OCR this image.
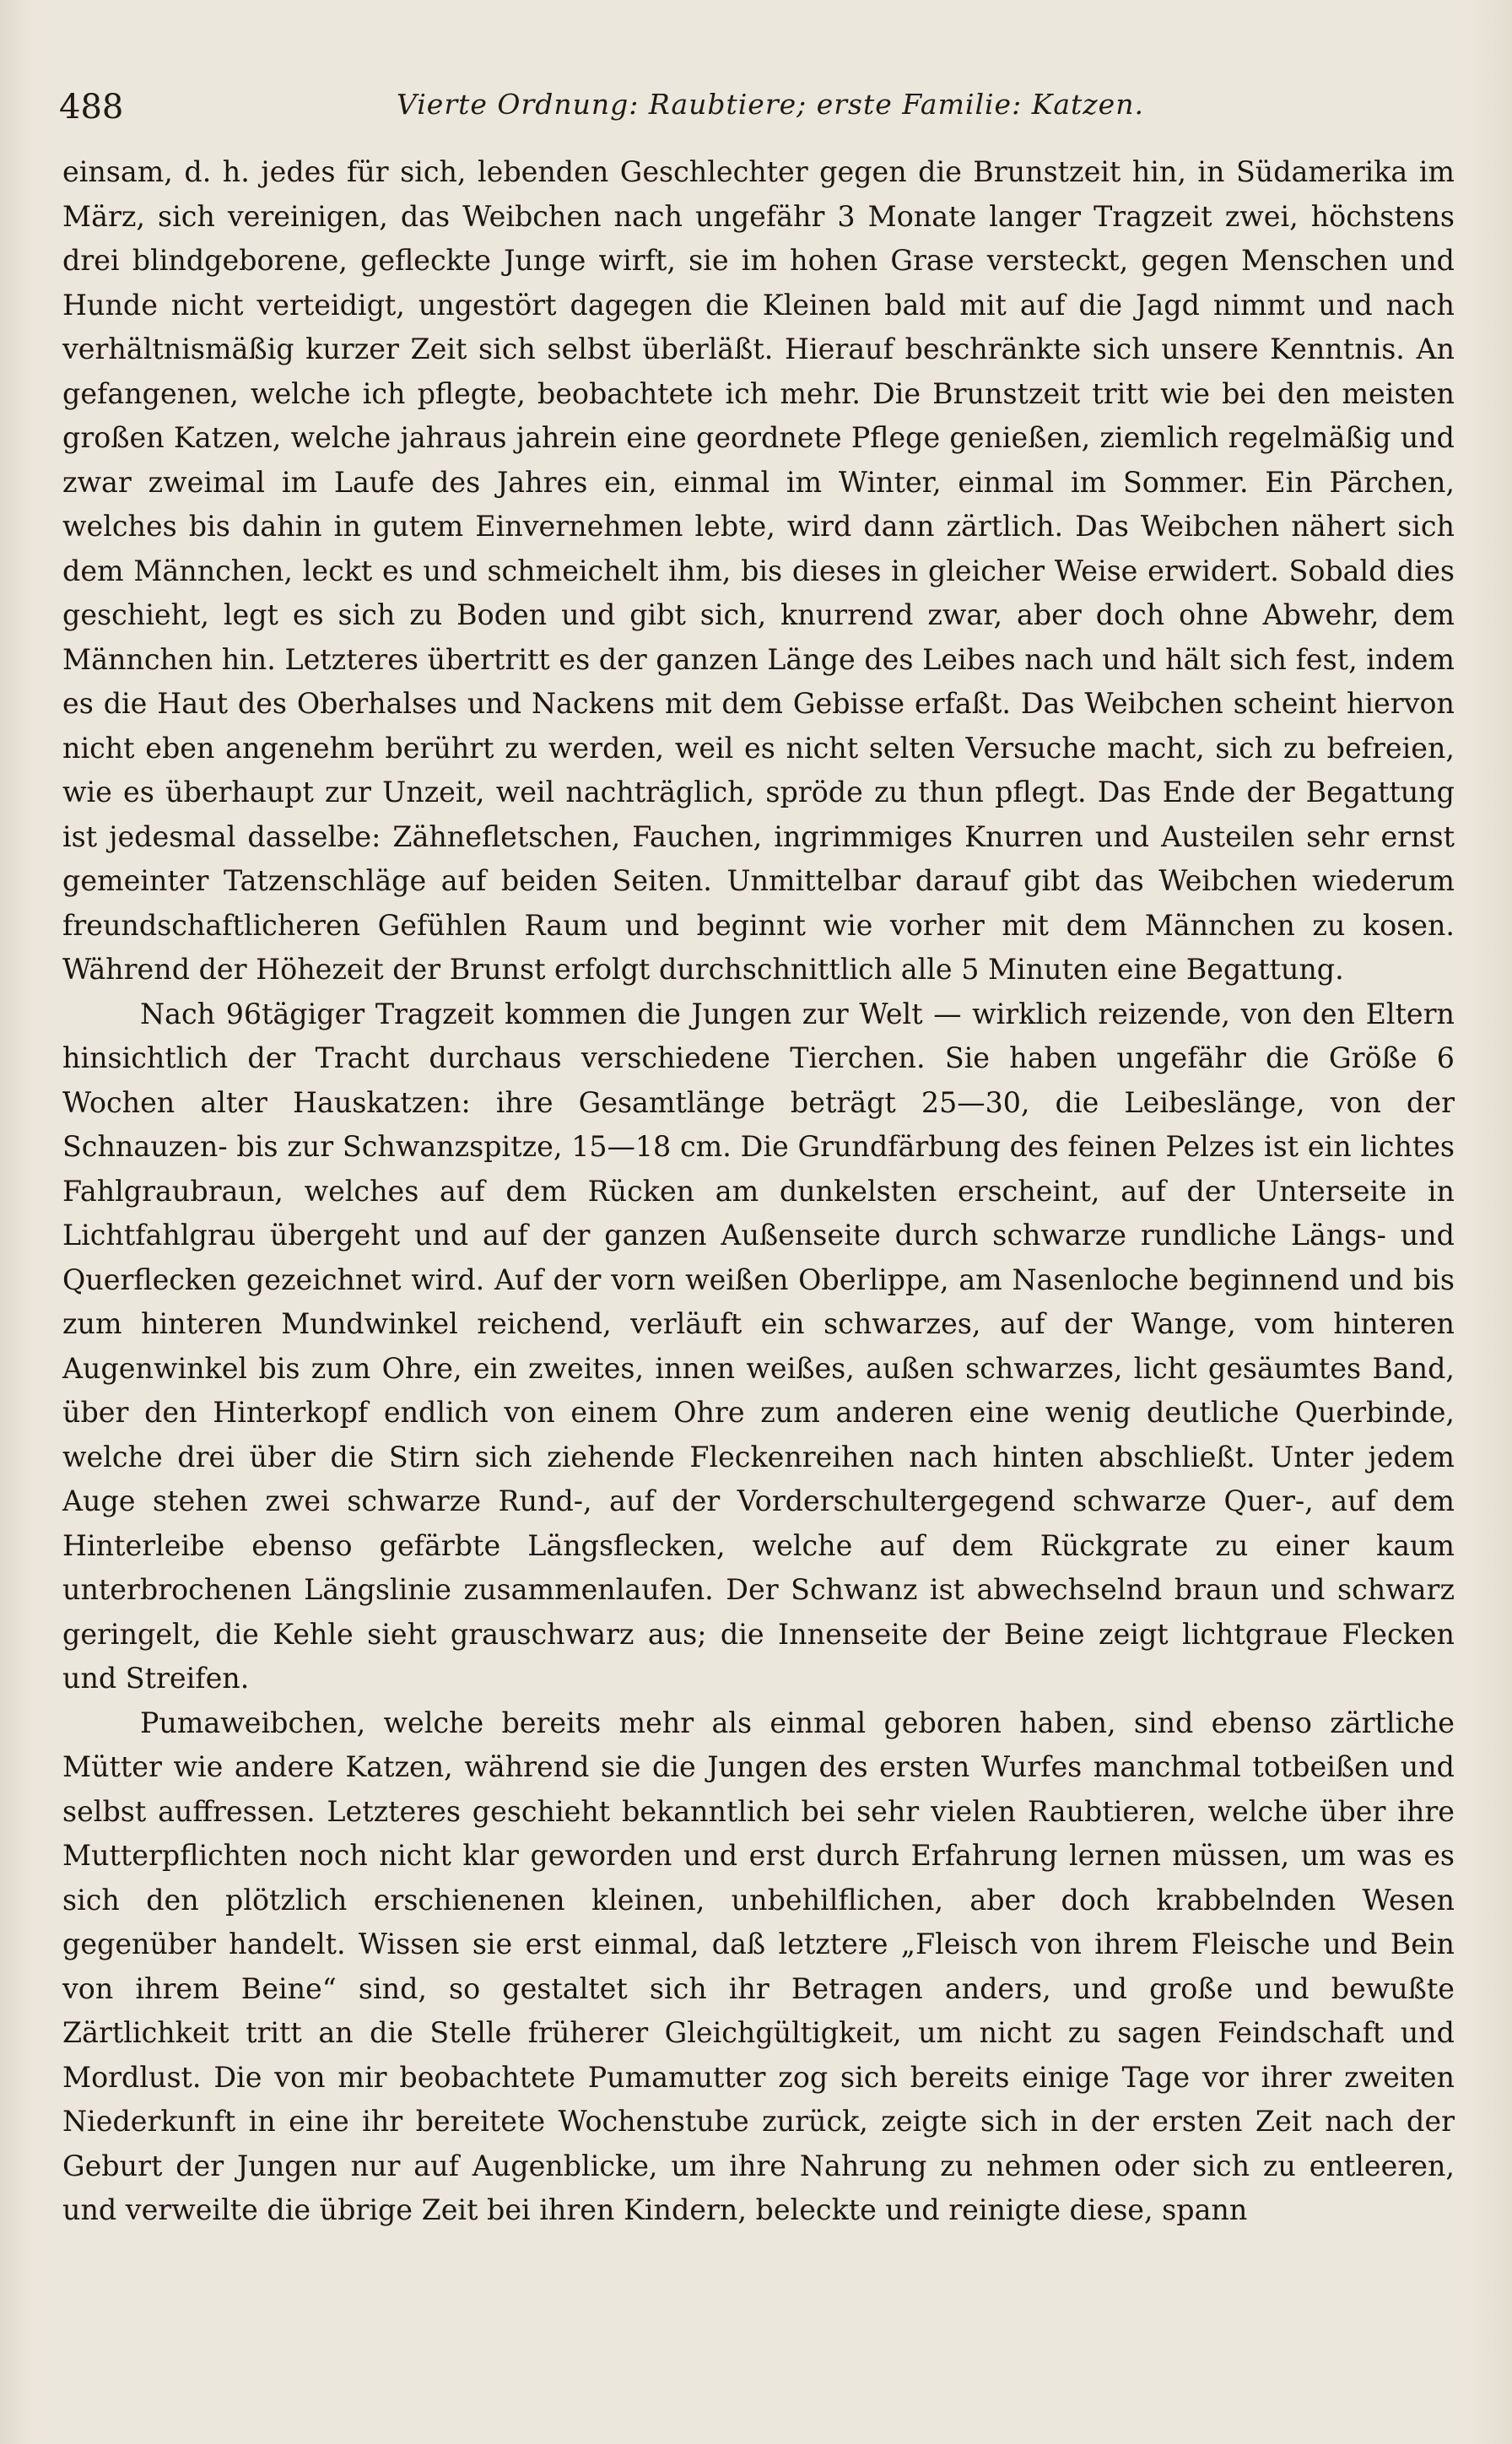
488	Vierte Ordnung: Raubtiere; erste Familie: Katzen.

einsam, d. h. jedes für sich, lebenden Geschlechter gegen die Brunstzeit hin, in Südamerika im März, sich vereinigen, das Weibchen nach ungefähr 3 Monate langer Tragzeit zwei, höchstens drei blindgeborene, gefleckte Junge wirft, sie im hohen Grase versteckt, gegen Menschen und Hunde nicht verteidigt, ungestört dagegen die Kleinen bald mit auf die Jagd nimmt und nach verhältnismäßig kurzer Zeit sich selbst überläßt. Hierauf beschränkte sich unsere Kenntnis. An gefangenen, welche ich pflegte, beobachtete ich mehr. Die Brunstzeit tritt wie bei den meisten großen Katzen, welche jahraus jahrein eine geordnete Pflege genießen, ziemlich regelmäßig und zwar zweimal im Laufe des Jahres ein, einmal im Winter, einmal im Sommer. Ein Pärchen, welches bis dahin in gutem Einvernehmen lebte, wird dann zärtlich. Das Weibchen nähert sich dem Männchen, leckt es und schmeichelt ihm, bis dieses in gleicher Weise erwidert. Sobald dies geschieht, legt es sich zu Boden und gibt sich, knurrend zwar, aber doch ohne Abwehr, dem Männchen hin. Letzteres übertritt es der ganzen Länge des Leibes nach und hält sich fest, indem es die Haut des Oberhalses und Nackens mit dem Gebisse erfaßt. Das Weibchen scheint hiervon nicht eben angenehm berührt zu werden, weil es nicht selten Versuche macht, sich zu befreien, wie es überhaupt zur Unzeit, weil nachträglich, spröde zu thun pflegt. Das Ende der Begattung ist jedesmal dasselbe: Zähnefletschen, Fauchen, ingrimmiges Knurren und Austeilen sehr ernst gemeinter Tatzenschläge auf beiden Seiten. Unmittelbar darauf gibt das Weibchen wiederum freundschaftlicheren Gefühlen Raum und beginnt wie vorher mit dem Männchen zu kosen. Während der Höhezeit der Brunst erfolgt durchschnittlich alle 5 Minuten eine Begattung.

Nach 96tägiger Tragzeit kommen die Jungen zur Welt — wirklich reizende, von den Eltern hinsichtlich der Tracht durchaus verschiedene Tierchen. Sie haben ungefähr die Größe 6 Wochen alter Hauskatzen: ihre Gesamtlänge beträgt 25—30, die Leibeslänge, von der Schnauzen- bis zur Schwanzspitze, 15—18 cm. Die Grundfärbung des feinen Pelzes ist ein lichtes Fahlgraubraun, welches auf dem Rücken am dunkelsten erscheint, auf der Unterseite in Lichtfahlgrau übergeht und auf der ganzen Außenseite durch schwarze rundliche Längs- und Querflecken gezeichnet wird. Auf der vorn weißen Oberlippe, am Nasenloche beginnend und bis zum hinteren Mundwinkel reichend, verläuft ein schwarzes, auf der Wange, vom hinteren Augenwinkel bis zum Ohre, ein zweites, innen weißes, außen schwarzes, licht gesäumtes Band, über den Hinterkopf endlich von einem Ohre zum anderen eine wenig deutliche Querbinde, welche drei über die Stirn sich ziehende Fleckenreihen nach hinten abschließt. Unter jedem Auge stehen zwei schwarze Rund-, auf der Vorderschultergegend schwarze Quer-, auf dem Hinterleibe ebenso gefärbte Längsflecken, welche auf dem Rückgrate zu einer kaum unterbrochenen Längslinie zusammenlaufen. Der Schwanz ist abwechselnd braun und schwarz geringelt, die Kehle sieht grauschwarz aus; die Innenseite der Beine zeigt lichtgraue Flecken und Streifen.

Pumaweibchen, welche bereits mehr als einmal geboren haben, sind ebenso zärtliche Mütter wie andere Katzen, während sie die Jungen des ersten Wurfes manchmal totbeißen und selbst auffressen. Letzteres geschieht bekanntlich bei sehr vielen Raubtieren, welche über ihre Mutterpflichten noch nicht klar geworden und erst durch Erfahrung lernen müssen, um was es sich den plötzlich erschienenen kleinen, unbehilflichen, aber doch krabbelnden Wesen gegenüber handelt. Wissen sie erst einmal, daß letztere „Fleisch von ihrem Fleische und Bein von ihrem Beine“ sind, so gestaltet sich ihr Betragen anders, und große und bewußte Zärtlichkeit tritt an die Stelle früherer Gleichgültigkeit, um nicht zu sagen Feindschaft und Mordlust. Die von mir beobachtete Pumamutter zog sich bereits einige Tage vor ihrer zweiten Niederkunft in eine ihr bereitete Wochenstube zurück, zeigte sich in der ersten Zeit nach der Geburt der Jungen nur auf Augenblicke, um ihre Nahrung zu nehmen oder sich zu entleeren, und verweilte die übrige Zeit bei ihren Kindern, beleckte und reinigte diese, spann
